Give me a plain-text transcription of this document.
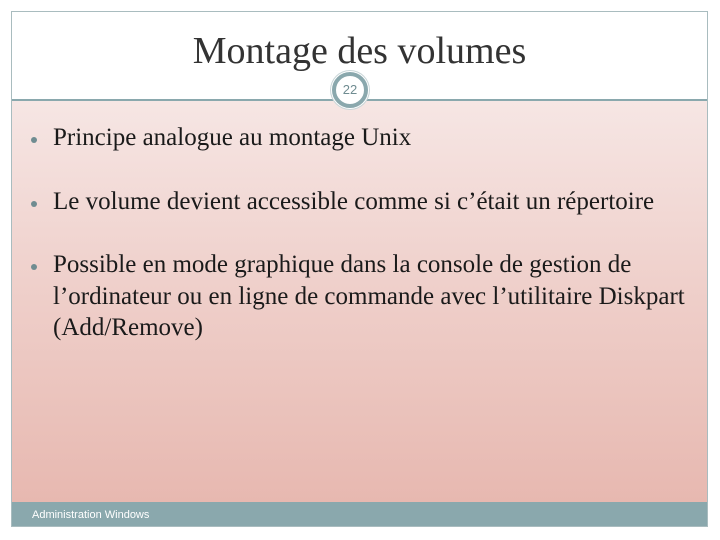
Montage des volumes
Administration Windows
22
Principe analogue au montage Unix
Le volume devient accessible comme si c’était un répertoire
Possible en mode graphique dans la console de gestion de l’ordinateur ou en ligne de commande avec l’utilitaire Diskpart (Add/Remove)
